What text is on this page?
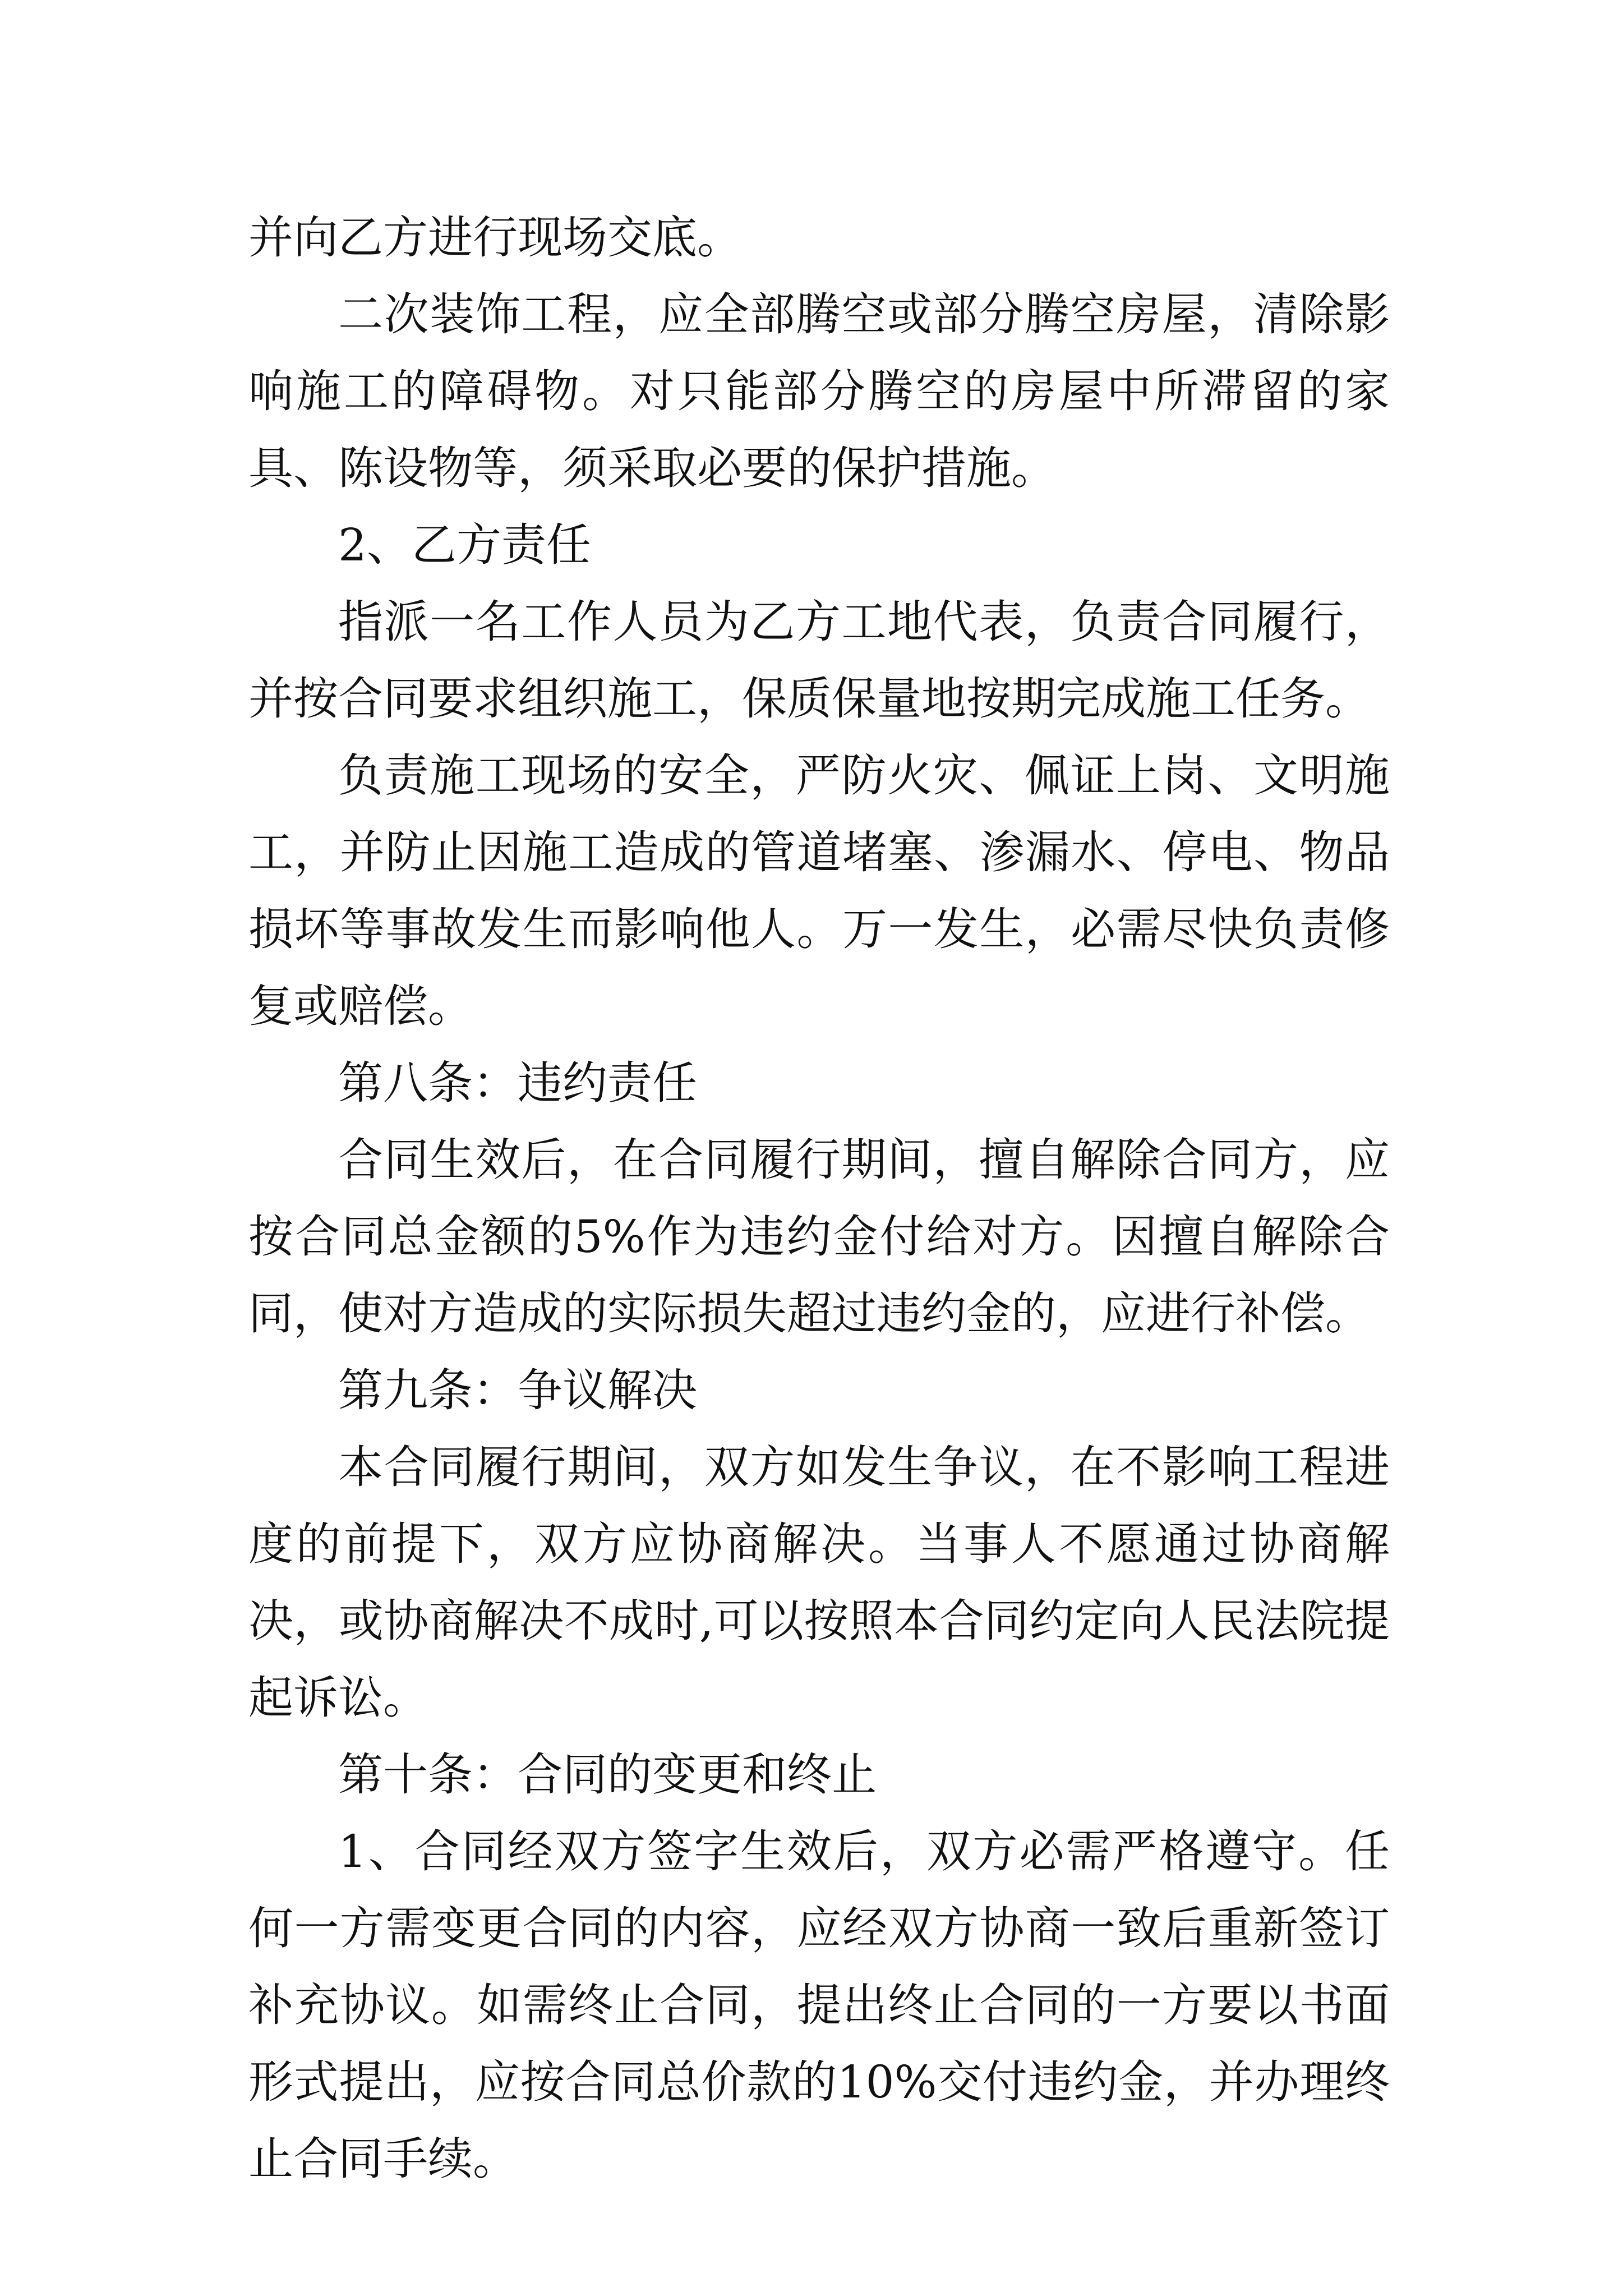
并向乙方进行现场交底。

二次装饰工程，应全部腾空或部分腾空房屋，清除影响施工的障碍物。对只能部分腾空的房屋中所滞留的家具、陈设物等，须采取必要的保护措施。

2、乙方责任

指派一名工作人员为乙方工地代表，负责合同履行，并按合同要求组织施工，保质保量地按期完成施工任务。

负责施工现场的安全，严防火灾、佩证上岗、文明施工，并防止因施工造成的管道堵塞、渗漏水、停电、物品损坏等事故发生而影响他人。万一发生，必需尽快负责修复或赔偿。

第八条：违约责任

合同生效后，在合同履行期间，擅自解除合同方，应按合同总金额的5%作为违约金付给对方。因擅自解除合同，使对方造成的实际损失超过违约金的，应进行补偿。

第九条：争议解决

本合同履行期间，双方如发生争议，在不影响工程进度的前提下，双方应协商解决。当事人不愿通过协商解决，或协商解决不成时,可以按照本合同约定向人民法院提起诉讼。

第十条：合同的变更和终止

1、合同经双方签字生效后，双方必需严格遵守。任何一方需变更合同的内容，应经双方协商一致后重新签订补充协议。如需终止合同，提出终止合同的一方要以书面形式提出，应按合同总价款的10%交付违约金，并办理终止合同手续。
